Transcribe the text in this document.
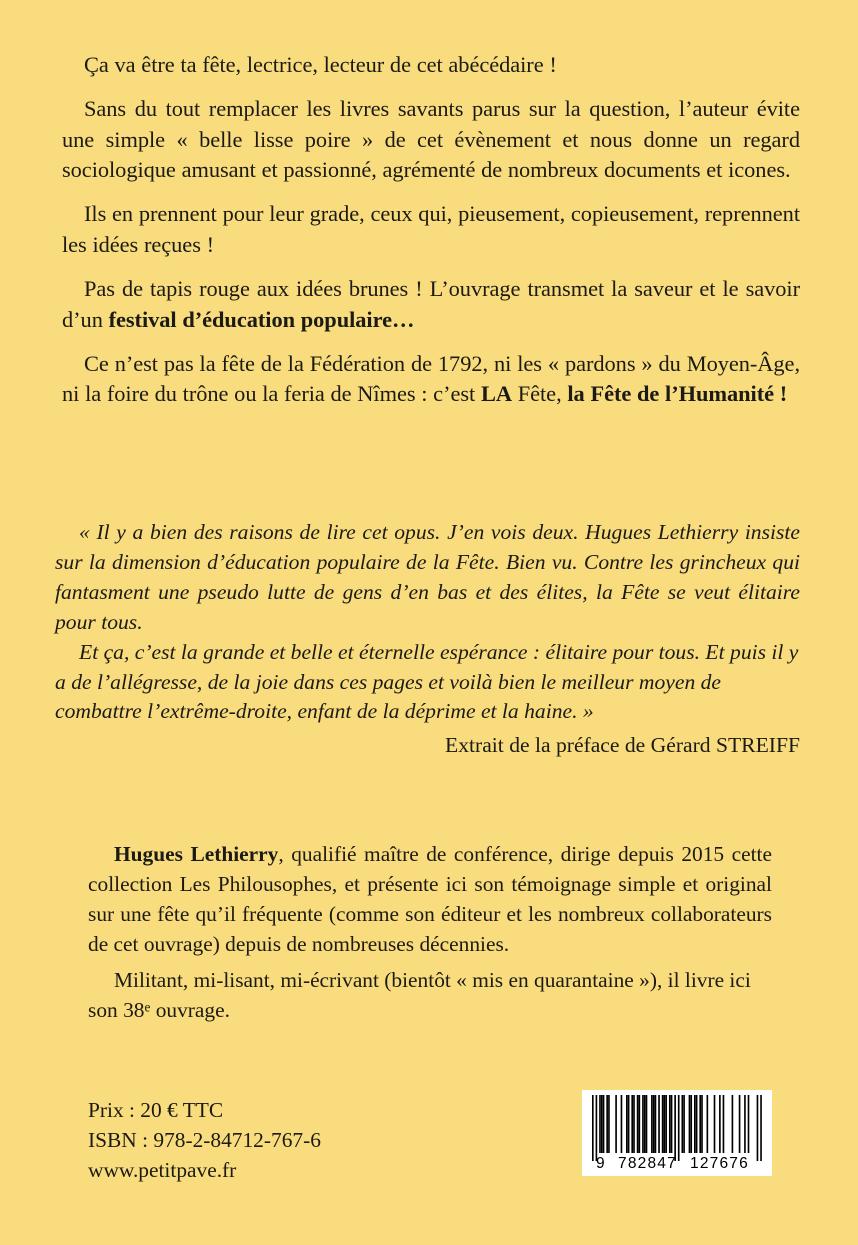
Ça va être ta fête, lectrice, lecteur de cet abécédaire !

Sans du tout remplacer les livres savants parus sur la question, l’auteur évite une simple « belle lisse poire » de cet évènement et nous donne un regard sociologique amusant et passionné, agrémenté de nombreux documents et icones.

Ils en prennent pour leur grade, ceux qui, pieusement, copieusement, reprennent les idées reçues !

Pas de tapis rouge aux idées brunes ! L’ouvrage transmet la saveur et le savoir d’un festival d’éducation populaire…

Ce n’est pas la fête de la Fédération de 1792, ni les « pardons » du Moyen-Âge, ni la foire du trône ou la feria de Nîmes : c’est LA Fête, la Fête de l’Humanité !

« Il y a bien des raisons de lire cet opus. J’en vois deux. Hugues Lethierry insiste sur la dimension d’éducation populaire de la Fête. Bien vu. Contre les grincheux qui fantasment une pseudo lutte de gens d’en bas et des élites, la Fête se veut élitaire pour tous.

Et ça, c’est la grande et belle et éternelle espérance : élitaire pour tous. Et puis il y a de l’allégresse, de la joie dans ces pages et voilà bien le meilleur moyen de combattre l’extrême-droite, enfant de la déprime et la haine. »

Extrait de la préface de Gérard STREIFF

Hugues Lethierry, qualifié maître de conférence, dirige depuis 2015 cette collection Les Philousophes, et présente ici son témoignage simple et original sur une fête qu’il fréquente (comme son éditeur et les nombreux collaborateurs de cet ouvrage) depuis de nombreuses décennies.

Militant, mi-lisant, mi-écrivant (bientôt « mis en quarantaine »), il livre ici son 38e ouvrage.

Prix : 20 € TTC
ISBN : 978-2-84712-767-6
www.petitpave.fr	9 782847 127676
